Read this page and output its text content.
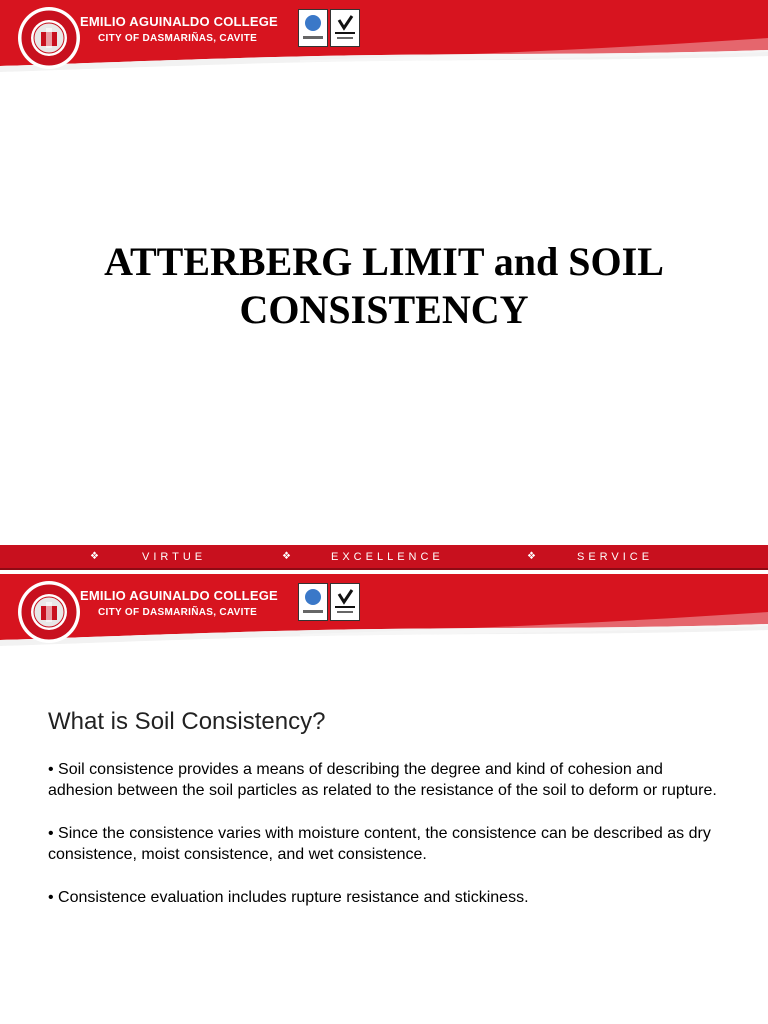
EMILIO AGUINALDO COLLEGE
CITY OF DASMARIÑAS, CAVITE
ATTERBERG LIMIT and SOIL
CONSISTENCY
❖	VIRTUE	❖	EXCELLENCE	❖	SERVICE
EMILIO AGUINALDO COLLEGE
CITY OF DASMARIÑAS, CAVITE
What is Soil Consistency?

• Soil consistence provides a means of describing the degree and kind of cohesion and adhesion between the soil particles as related to the resistance of the soil to deform or rupture.

• Since the consistence varies with moisture content, the consistence can be described as dry consistence, moist consistence, and wet consistence.

• Consistence evaluation includes rupture resistance and stickiness.
